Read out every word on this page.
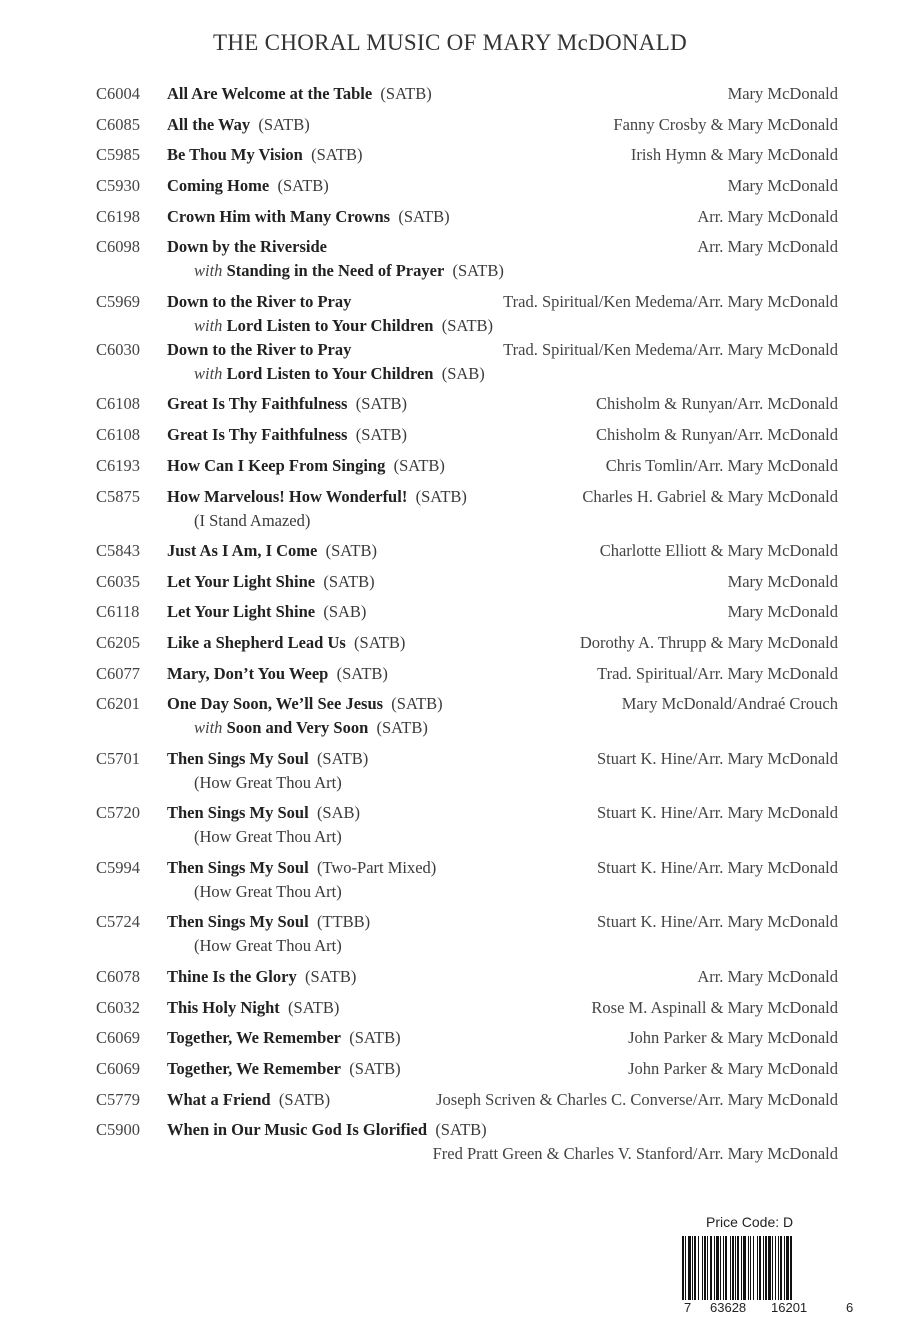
THE CHORAL MUSIC OF MARY McDONALD
C6004 All Are Welcome at the Table (SATB)	Mary McDonald
C6085 All the Way (SATB)	Fanny Crosby & Mary McDonald
C5985 Be Thou My Vision (SATB)	Irish Hymn & Mary McDonald
C5930 Coming Home (SATB)	Mary McDonald
C6198 Crown Him with Many Crowns (SATB)	Arr. Mary McDonald
C6098 Down by the Riverside	Arr. Mary McDonald
with Standing in the Need of Prayer (SATB)
C5969 Down to the River to Pray	Trad. Spiritual/Ken Medema/Arr. Mary McDonald
with Lord Listen to Your Children (SATB)
C6030 Down to the River to Pray	Trad. Spiritual/Ken Medema/Arr. Mary McDonald
with Lord Listen to Your Children (SAB)
C6108 Great Is Thy Faithfulness (SATB)	Chisholm & Runyan/Arr. McDonald
C6108 Great Is Thy Faithfulness (SATB)	Chisholm & Runyan/Arr. McDonald
C6193 How Can I Keep From Singing (SATB)	Chris Tomlin/Arr. Mary McDonald
C5875 How Marvelous! How Wonderful! (SATB)	Charles H. Gabriel & Mary McDonald
(I Stand Amazed)
C5843 Just As I Am, I Come (SATB)	Charlotte Elliott & Mary McDonald
C6035 Let Your Light Shine (SATB)	Mary McDonald
C6118 Let Your Light Shine (SAB)	Mary McDonald
C6205 Like a Shepherd Lead Us (SATB)	Dorothy A. Thrupp & Mary McDonald
C6077 Mary, Don’t You Weep (SATB)	Trad. Spiritual/Arr. Mary McDonald
C6201 One Day Soon, We’ll See Jesus (SATB)	Mary McDonald/Andraé Crouch
with Soon and Very Soon (SATB)
C5701 Then Sings My Soul (SATB)	Stuart K. Hine/Arr. Mary McDonald
(How Great Thou Art)
C5720 Then Sings My Soul (SAB)	Stuart K. Hine/Arr. Mary McDonald
(How Great Thou Art)
C5994 Then Sings My Soul (Two-Part Mixed)	Stuart K. Hine/Arr. Mary McDonald
(How Great Thou Art)
C5724 Then Sings My Soul (TTBB)	Stuart K. Hine/Arr. Mary McDonald
(How Great Thou Art)
C6078 Thine Is the Glory (SATB)	Arr. Mary McDonald
C6032 This Holy Night (SATB)	Rose M. Aspinall & Mary McDonald
C6069 Together, We Remember (SATB)	John Parker & Mary McDonald
C6069 Together, We Remember (SATB)	John Parker & Mary McDonald
C5779 What a Friend (SATB)	Joseph Scriven & Charles C. Converse/Arr. Mary McDonald
C5900 When in Our Music God Is Glorified (SATB)
Fred Pratt Green & Charles V. Stanford/Arr. Mary McDonald
Price Code: D
7 63628 16201	6
